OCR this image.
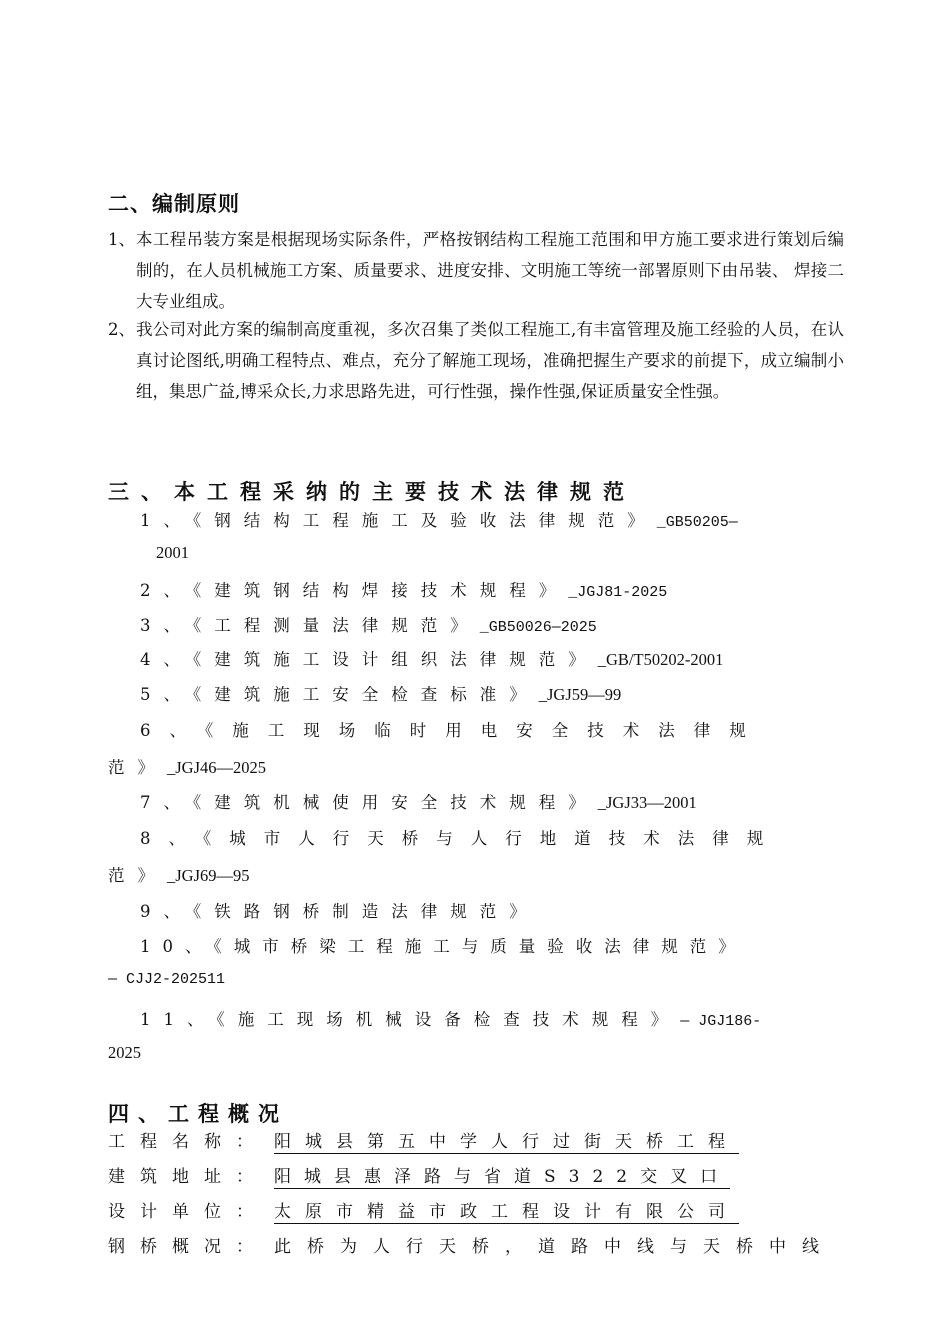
二、编制原则
1、 本工程吊装方案是根据现场实际条件，严格按钢结构工程施工范围和甲方施工要求进行策划后编制的，在人员机械施工方案、质量要求、进度安排、文明施工等统一部署原则下由吊装、 焊接二大专业组成。
2、 我公司对此方案的编制高度重视，多次召集了类似工程施工,有丰富管理及施工经验的人员，在认真讨论图纸,明确工程特点、难点，充分了解施工现场，准确把握生产要求的前提下，成立编制小组，集思广益,博采众长,力求思路先进，可行性强，操作性强,保证质量安全性强。
三、本工程采纳的主要技术法律规范
1、《钢结构工程施工及验收法律规范》_GB50205—
2001
2、《建筑钢结构焊接技术规程》_JGJ81-2025
3、《工程测量法律规范》_GB50026—2025
4、《建筑施工设计组织法律规范》_GB/T50202-2001
5、《建筑施工安全检查标准》_JGJ59—99
6、《施工现场临时用电安全技术法律规
范》_JGJ46—2025
7、《建筑机械使用安全技术规程》_JGJ33—2001
8、《城市人行天桥与人行地道技术法律规
范》_JGJ69—95
9、《铁路钢桥制造法律规范》
10、《城市桥梁工程施工与质量验收法律规范》
— CJJ2-202511
11、《施工现场机械设备检查技术规程》— JGJ186-
2025
四、工程概况
工程名称： 阳城县第五中学人行过街天桥工程
建筑地址： 阳城县惠泽路与省道S322交叉口
设计单位： 太原市精益市政工程设计有限公司
钢桥概况： 此桥为人行天桥，道路中线与天桥中线
